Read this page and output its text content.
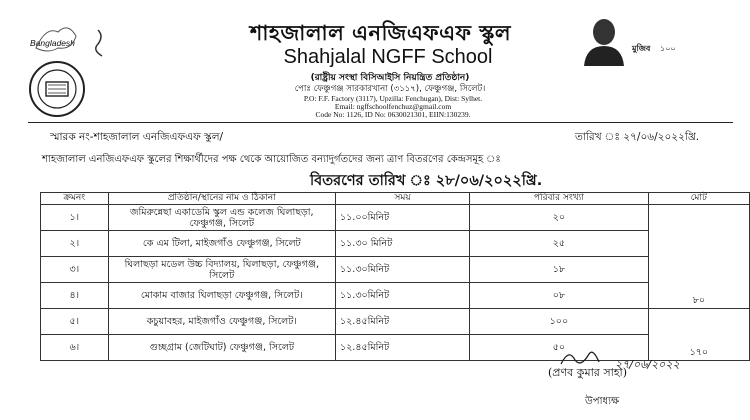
Bangladesh	শাহজালাল এনজিএফএফ স্কুল
Shahjalal NGFF School
(রাষ্ট্রীয় সংস্থা বিসিআইসি নিয়ন্ত্রিত প্রতিষ্ঠান)
পোঃ ফেঞ্চুগঞ্জ সারকারখানা (৩১১৭), ফেঞ্চুগঞ্জ, সিলেট।
P.O: F.F. Factory (3117), Upzilla: Fenchugan), Dist: Sylhet.
Email: ngffschoolfenchuz@gmail.com
Code No: 1126, ID No: 0630021301, EIIN:130239.
মুজিব ১০০
স্মারক নং-শাহজালাল এনজিএফএফ স্কুল/	তারিখ ঃ ২৭/০৬/২০২২খ্রি.
শাহজালাল এনজিএফএফ স্কুলের শিক্ষার্থীদের পক্ষ থেকে আয়োজিত বন্যাদুর্গতদের জন্য ত্রাণ বিতরণের কেন্দ্রসমূহ ঃ
বিতরণের তারিখ ঃ ২৮/০৬/২০২২খ্রি.
ক্রমনং	প্রতিষ্ঠান/স্থানের নাম ও ঠিকানা	সময়	পরিবার সংখ্যা	মোট
১।	জমিরুন্নেছা একাডেমি স্কুল এন্ড কলেজ ঘিলাছড়া, ফেঞ্চুগঞ্জ, সিলেট	১১.০০মিনিট	২০	৮০
২।	কে এম টিলা, মাইজগাঁও ফেঞ্চুগঞ্জ, সিলেট	১১.৩০ মিনিট	২৫	
৩।	ঘিলাছড়া মডেল উচ্চ বিদ্যালয়, ঘিলাছড়া, ফেঞ্চুগঞ্জ, সিলেট	১১.৩০মিনিট	১৮	
৪।	মোকাম বাজার ঘিলাছড়া ফেঞ্চুগঞ্জ, সিলেট।	১১.৩০মিনিট	০৮	
৫।	কচুয়াবহর, মাইজগাঁও ফেঞ্চুগঞ্জ, সিলেট।	১২.৪৫মিনিট	১০০	১৭০
৬।	গুচ্ছগ্রাম (জেটিঘাট) ফেঞ্চুগঞ্জ, সিলেট	১২.৪৫মিনিট	৫০	
২৭/০৬/২০২২
(প্রণব কুমার সাহা)
উপাধ্যক্ষ
